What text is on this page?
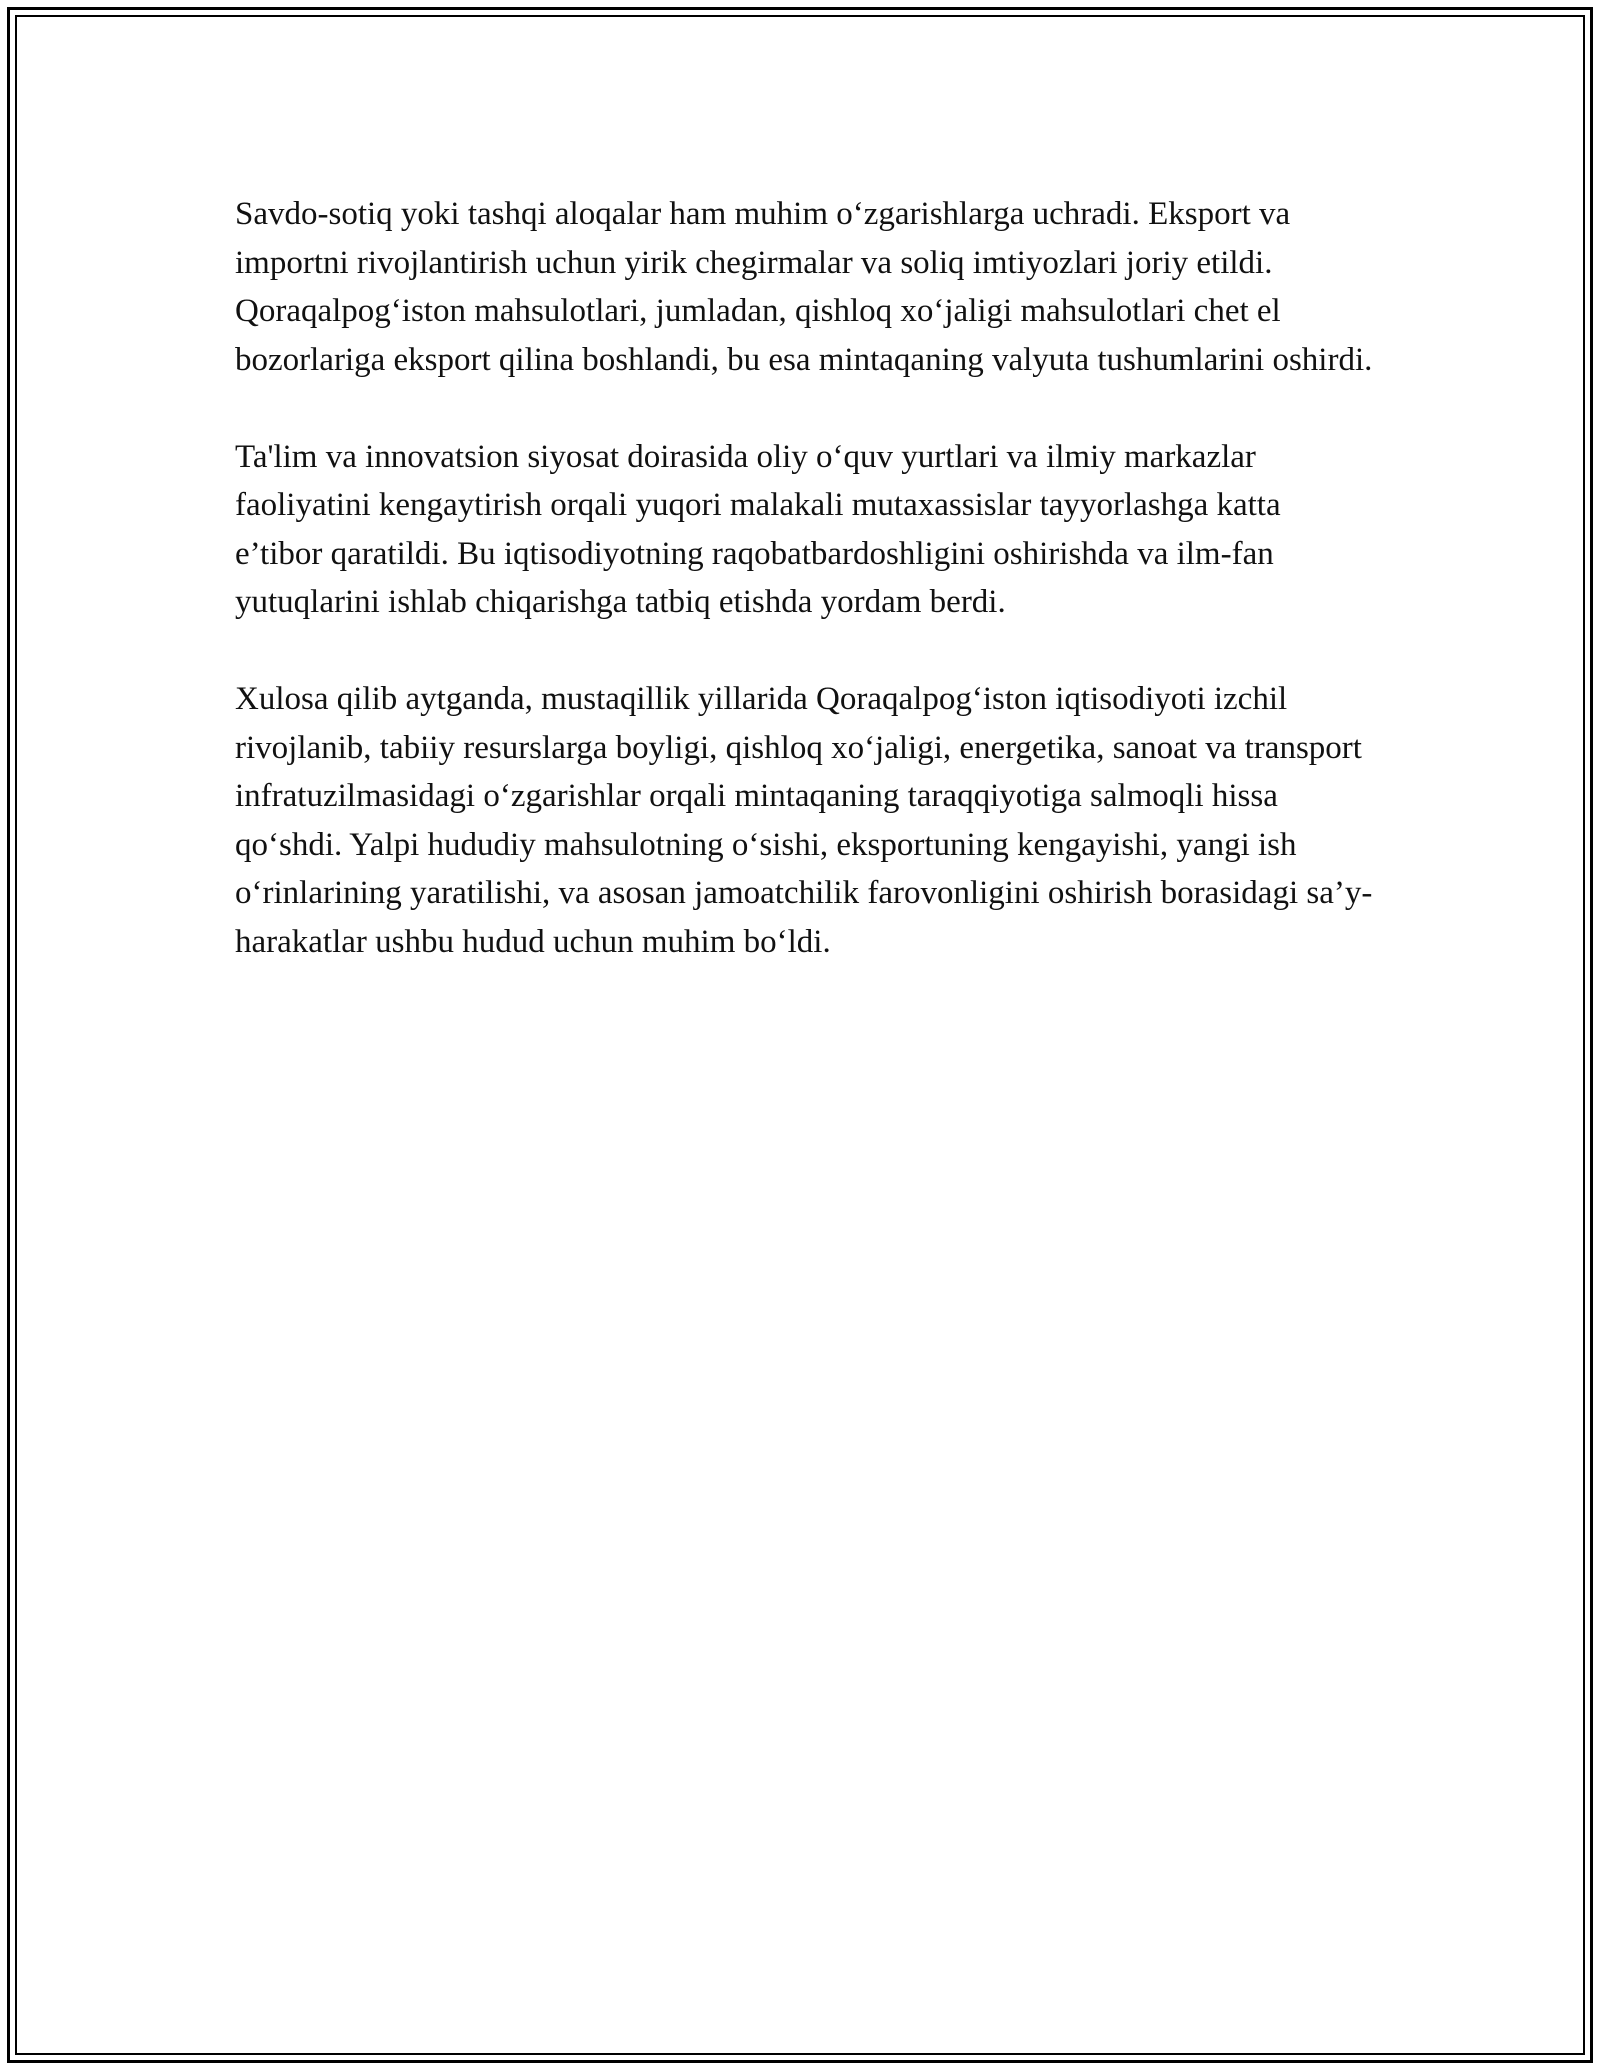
Savdo-sotiq yoki tashqi aloqalar ham muhim o‘zgarishlarga uchradi. Eksport va importni rivojlantirish uchun yirik chegirmalar va soliq imtiyozlari joriy etildi. Qoraqalpog‘iston mahsulotlari, jumladan, qishloq xo‘jaligi mahsulotlari chet el bozorlariga eksport qilina boshlandi, bu esa mintaqaning valyuta tushumlarini oshirdi.

Ta'lim va innovatsion siyosat doirasida oliy o‘quv yurtlari va ilmiy markazlar faoliyatini kengaytirish orqali yuqori malakali mutaxassislar tayyorlashga katta e’tibor qaratildi. Bu iqtisodiyotning raqobatbardoshligini oshirishda va ilm-fan yutuqlarini ishlab chiqarishga tatbiq etishda yordam berdi.

Xulosa qilib aytganda, mustaqillik yillarida Qoraqalpog‘iston iqtisodiyoti izchil rivojlanib, tabiiy resurslarga boyligi, qishloq xo‘jaligi, energetika, sanoat va transport infratuzilmasidagi o‘zgarishlar orqali mintaqaning taraqqiyotiga salmoqli hissa qo‘shdi. Yalpi hududiy mahsulotning o‘sishi, eksportuning kengayishi, yangi ish o‘rinlarining yaratilishi, va asosan jamoatchilik farovonligini oshirish borasidagi sa’y-harakatlar ushbu hudud uchun muhim bo‘ldi.
